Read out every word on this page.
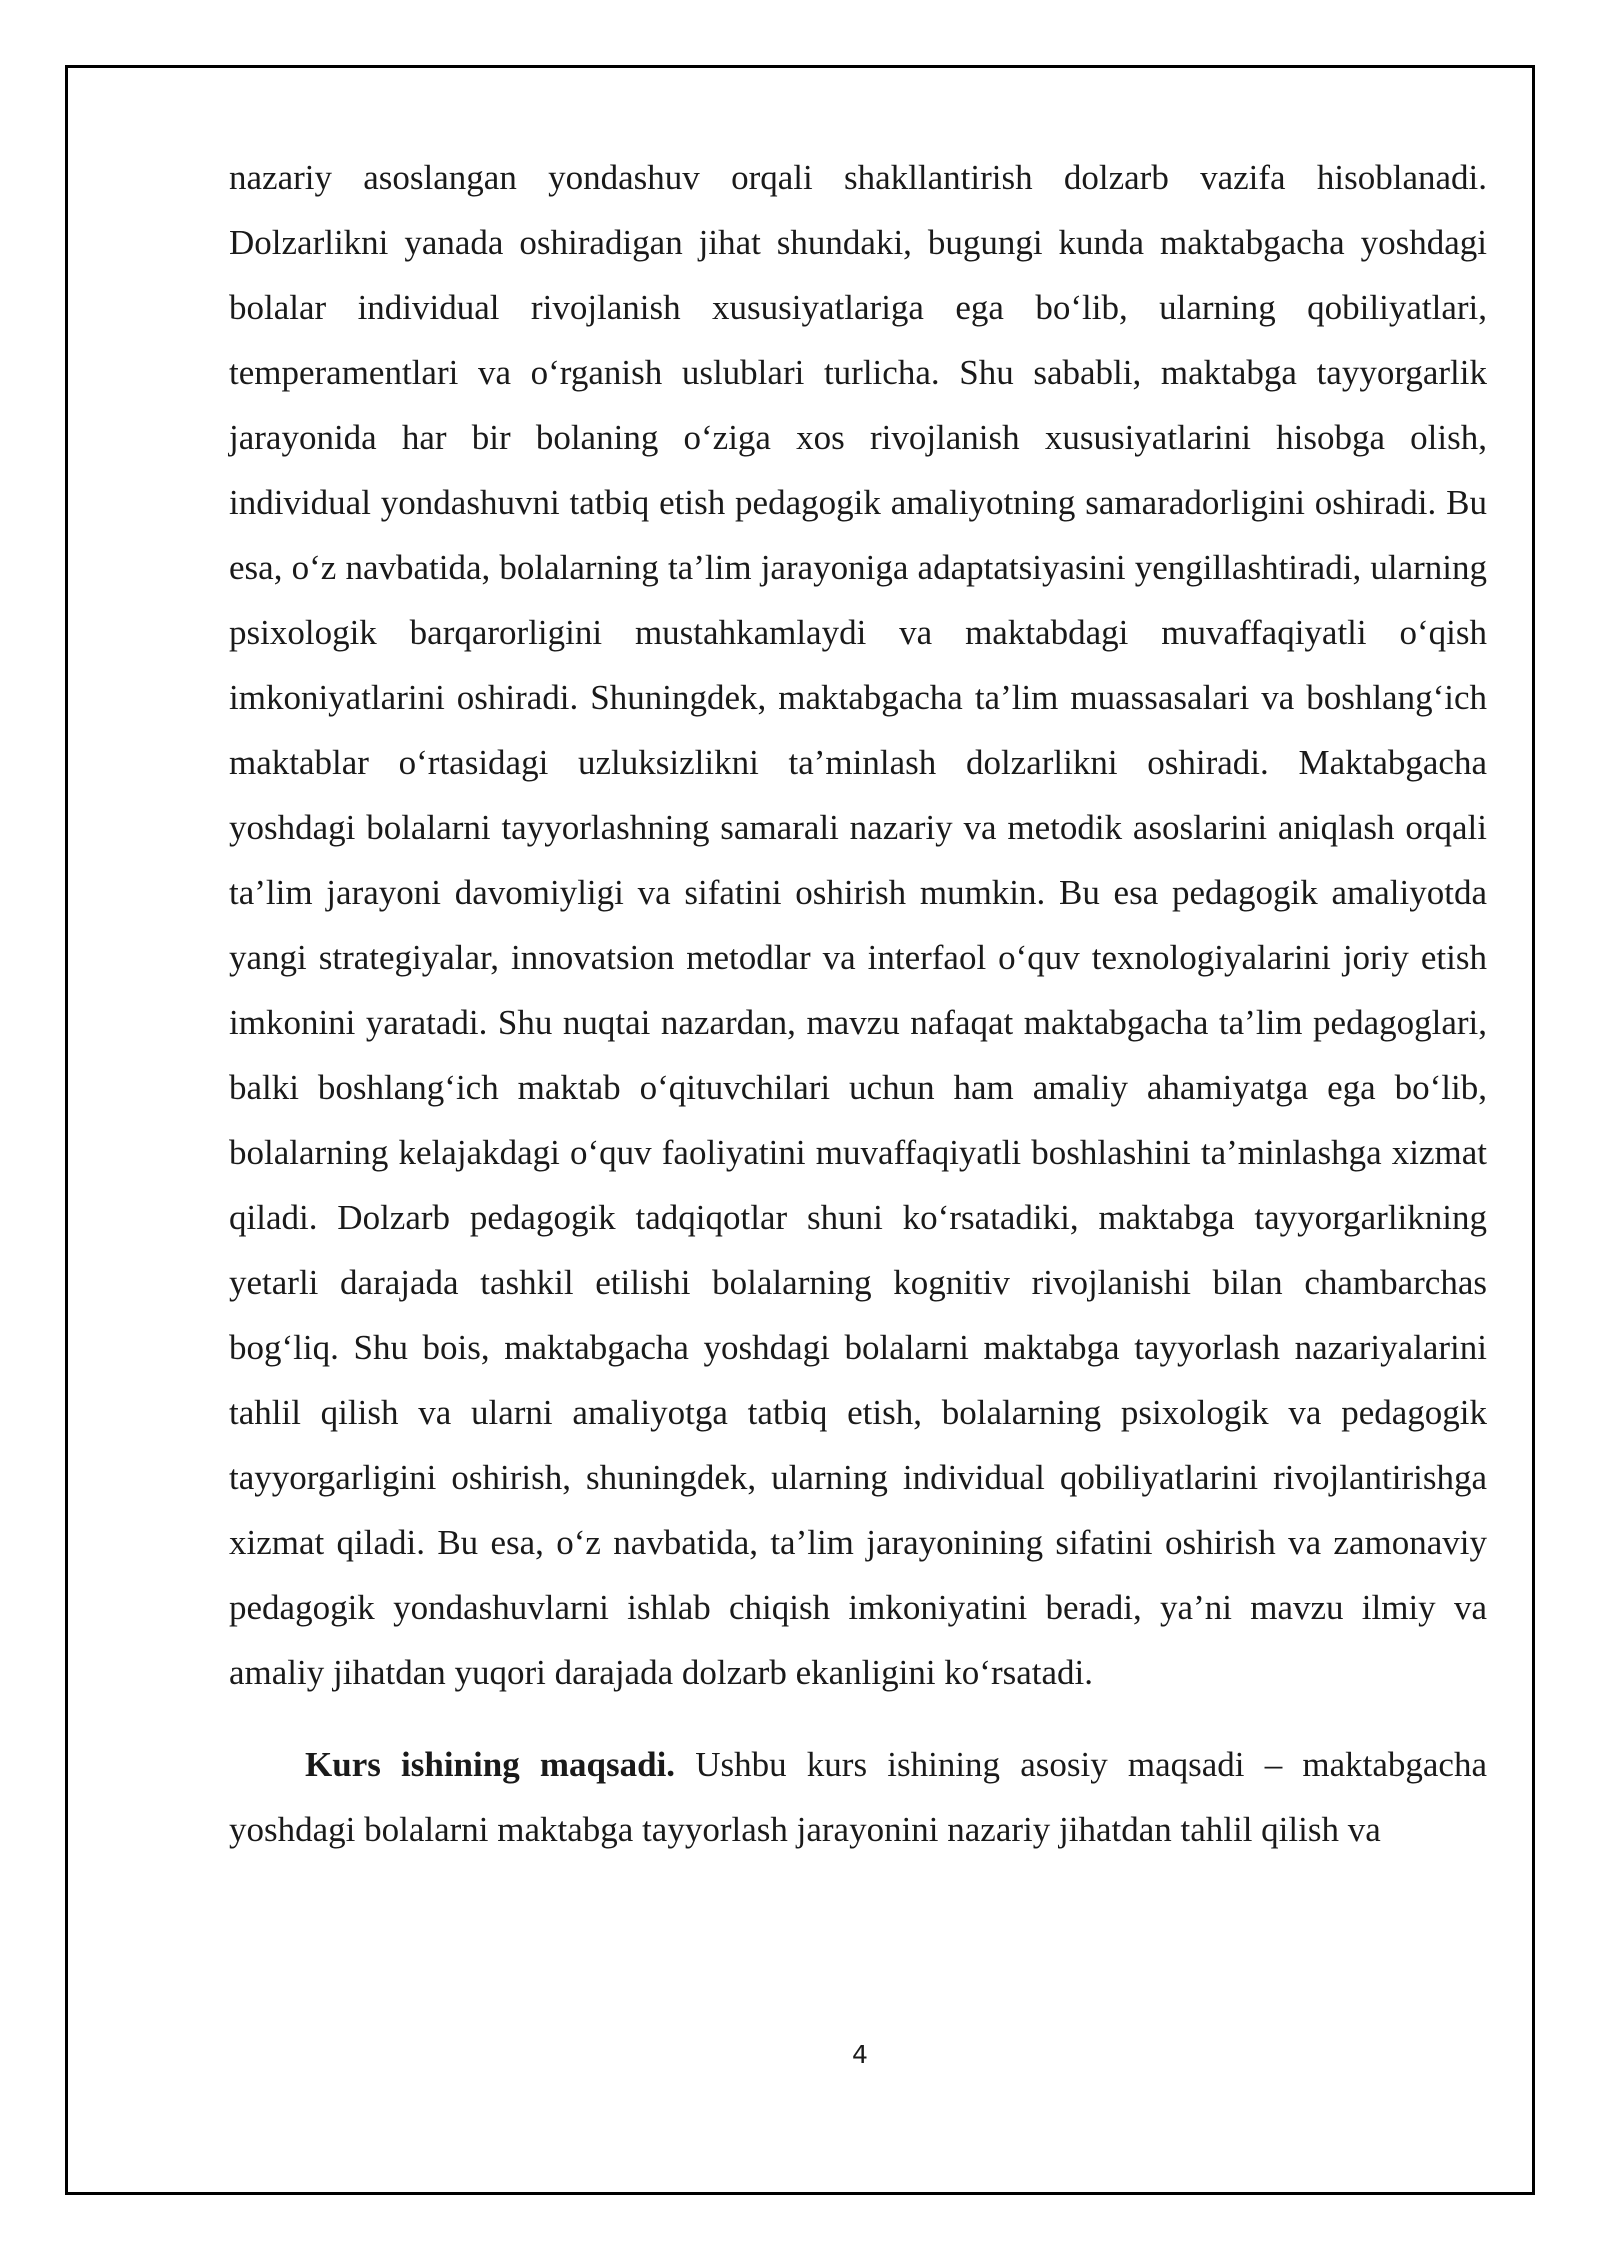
nazariy asoslangan yondashuv orqali shakllantirish dolzarb vazifa hisoblanadi. Dolzarlikni yanada oshiradigan jihat shundaki, bugungi kunda maktabgacha yoshdagi bolalar individual rivojlanish xususiyatlariga ega bo‘lib, ularning qobiliyatlari, temperamentlari va o‘rganish uslublari turlicha. Shu sababli, maktabga tayyorgarlik jarayonida har bir bolaning o‘ziga xos rivojlanish xususiyatlarini hisobga olish, individual yondashuvni tatbiq etish pedagogik amaliyotning samaradorligini oshiradi. Bu esa, o‘z navbatida, bolalarning ta’lim jarayoniga adaptatsiyasini yengillashtiradi, ularning psixologik barqarorligini mustahkamlaydi va maktabdagi muvaffaqiyatli o‘qish imkoniyatlarini oshiradi. Shuningdek, maktabgacha ta’lim muassasalari va boshlang‘ich maktablar o‘rtasidagi uzluksizlikni ta’minlash dolzarlikni oshiradi. Maktabgacha yoshdagi bolalarni tayyorlashning samarali nazariy va metodik asoslarini aniqlash orqali ta’lim jarayoni davomiyligi va sifatini oshirish mumkin. Bu esa pedagogik amaliyotda yangi strategiyalar, innovatsion metodlar va interfaol o‘quv texnologiyalarini joriy etish imkonini yaratadi. Shu nuqtai nazardan, mavzu nafaqat maktabgacha ta’lim pedagoglari, balki boshlang‘ich maktab o‘qituvchilari uchun ham amaliy ahamiyatga ega bo‘lib, bolalarning kelajakdagi o‘quv faoliyatini muvaffaqiyatli boshlashini ta’minlashga xizmat qiladi. Dolzarb pedagogik tadqiqotlar shuni ko‘rsatadiki, maktabga tayyorgarlikning yetarli darajada tashkil etilishi bolalarning kognitiv rivojlanishi bilan chambarchas bog‘liq. Shu bois, maktabgacha yoshdagi bolalarni maktabga tayyorlash nazariyalarini tahlil qilish va ularni amaliyotga tatbiq etish, bolalarning psixologik va pedagogik tayyorgarligini oshirish, shuningdek, ularning individual qobiliyatlarini rivojlantirishga xizmat qiladi. Bu esa, o‘z navbatida, ta’lim jarayonining sifatini oshirish va zamonaviy pedagogik yondashuvlarni ishlab chiqish imkoniyatini beradi, ya’ni mavzu ilmiy va amaliy jihatdan yuqori darajada dolzarb ekanligini ko‘rsatadi.

Kurs ishining maqsadi. Ushbu kurs ishining asosiy maqsadi – maktabgacha yoshdagi bolalarni maktabga tayyorlash jarayonini nazariy jihatdan tahlil qilish va

4
